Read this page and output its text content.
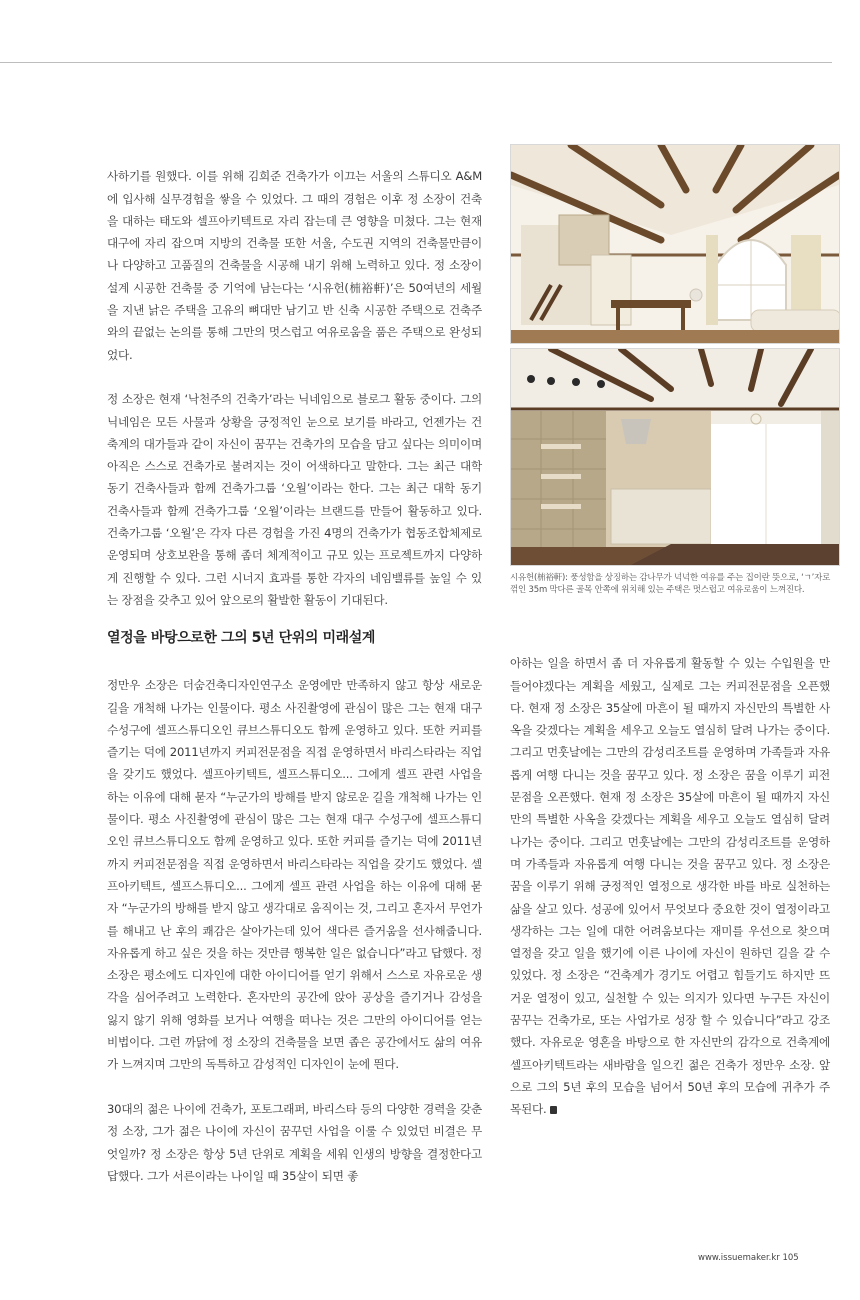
사하기를 원했다. 이를 위해 김희준 건축가가 이끄는 서울의 스튜디오 A&M에 입사해 실무경험을 쌓을 수 있었다. 그 때의 경험은 이후 정 소장이 건축을 대하는 태도와 셀프아키텍트로 자리 잡는데 큰 영향을 미쳤다. 그는 현재 대구에 자리 잡으며 지방의 건축물 또한 서울, 수도권 지역의 건축물만큼이나 다양하고 고품질의 건축물을 시공해 내기 위해 노력하고 있다. 정 소장이 설계 시공한 건축물 중 기억에 남는다는 ‘시유헌(枾裕軒)’은 50여년의 세월을 지낸 낡은 주택을 고유의 뼈대만 남기고 반 신축 시공한 주택으로 건축주와의 끝없는 논의를 통해 그만의 멋스럽고 여유로움을 품은 주택으로 완성되었다.

정 소장은 현재 ‘낙천주의 건축가’라는 닉네임으로 블로그 활동 중이다. 그의 닉네임은 모든 사물과 상황을 긍정적인 눈으로 보기를 바라고, 언젠가는 건축계의 대가들과 같이 자신이 꿈꾸는 건축가의 모습을 담고 싶다는 의미이며 아직은 스스로 건축가로 불려지는 것이 어색하다고 말한다. 그는 최근 대학 동기 건축사들과 함께 건축가그룹 ‘오월’이라는 한다. 그는 최근 대학 동기 건축사들과 함께 건축가그룹 ‘오월’이라는 브랜드를 만들어 활동하고 있다. 건축가그룹 ‘오월’은 각자 다른 경험을 가진 4명의 건축가가 협동조합체제로 운영되며 상호보완을 통해 좀더 체계적이고 규모 있는 프로젝트까지 다양하게 진행할 수 있다. 그런 시너지 효과를 통한 각자의 네임밸류를 높일 수 있는 장점을 갖추고 있어 앞으로의 활발한 활동이 기대된다.

열정을 바탕으로한 그의 5년 단위의 미래설계

정만우 소장은 더숨건축디자인연구소 운영에만 만족하지 않고 항상 새로운 길을 개척해 나가는 인물이다. 평소 사진촬영에 관심이 많은 그는 현재 대구 수성구에 셀프스튜디오인 큐브스튜디오도 함께 운영하고 있다. 또한 커피를 즐기는 덕에 2011년까지 커피전문점을 직접 운영하면서 바리스타라는 직업을 갖기도 했었다. 셀프아키텍트, 셀프스튜디오... 그에게 셀프 관련 사업을 하는 이유에 대해 묻자 “누군가의 방해를 받지 않로운 길을 개척해 나가는 인물이다. 평소 사진촬영에 관심이 많은 그는 현재 대구 수성구에 셀프스튜디오인 큐브스튜디오도 함께 운영하고 있다. 또한 커피를 즐기는 덕에 2011년까지 커피전문점을 직접 운영하면서 바리스타라는 직업을 갖기도 했었다. 셀프아키텍트, 셀프스튜디오... 그에게 셀프 관련 사업을 하는 이유에 대해 묻자 “누군가의 방해를 받지 않고 생각대로 움직이는 것, 그리고 혼자서 무언가를 해내고 난 후의 쾌감은 살아가는데 있어 색다른 즐거움을 선사해줍니다. 자유롭게 하고 싶은 것을 하는 것만큼 행복한 일은 없습니다”라고 답했다. 정 소장은 평소에도 디자인에 대한 아이디어를 얻기 위해서 스스로 자유로운 생각을 심어주려고 노력한다. 혼자만의 공간에 앉아 공상을 즐기거나 감성을 잃지 않기 위해 영화를 보거나 여행을 떠나는 것은 그만의 아이디어를 얻는 비법이다. 그런 까닭에 정 소장의 건축물을 보면 좁은 공간에서도 삶의 여유가 느껴지며 그만의 독특하고 감성적인 디자인이 눈에 띈다.

30대의 젊은 나이에 건축가, 포토그래퍼, 바리스타 등의 다양한 경력을 갖춘 정 소장, 그가 젊은 나이에 자신이 꿈꾸던 사업을 이룰 수 있었던 비결은 무엇일까? 정 소장은 항상 5년 단위로 계획을 세워 인생의 방향을 결정한다고 답했다. 그가 서른이라는 나이일 때 35살이 되면 좋

아하는 일을 하면서 좀 더 자유롭게 활동할 수 있는 수입원을 만들어야겠다는 계획을 세웠고, 실제로 그는 커피전문점을 오픈했다. 현재 정 소장은 35살에 마흔이 될 때까지 자신만의 특별한 사옥을 갖겠다는 계획을 세우고 오늘도 열심히 달려 나가는 중이다. 그리고 먼훗날에는 그만의 감성리조트를 운영하며 가족들과 자유롭게 여행 다니는 것을 꿈꾸고 있다. 정 소장은 꿈을 이루기 피전문점을 오픈했다. 현재 정 소장은 35살에 마흔이 될 때까지 자신만의 특별한 사옥을 갖겠다는 계획을 세우고 오늘도 열심히 달려 나가는 중이다. 그리고 먼훗날에는 그만의 감성리조트를 운영하며 가족들과 자유롭게 여행 다니는 것을 꿈꾸고 있다. 정 소장은 꿈을 이루기 위해 긍정적인 열정으로 생각한 바를 바로 실천하는 삶을 살고 있다. 성공에 있어서 무엇보다 중요한 것이 열정이라고 생각하는 그는 일에 대한 어려움보다는 재미를 우선으로 찾으며 열정을 갖고 일을 했기에 이른 나이에 자신이 원하던 길을 갈 수 있었다. 정 소장은 “건축계가 경기도 어렵고 힘들기도 하지만 뜨거운 열정이 있고, 실천할 수 있는 의지가 있다면 누구든 자신이 꿈꾸는 건축가로, 또는 사업가로 성장 할 수 있습니다”라고 강조했다. 자유로운 영혼을 바탕으로 한 자신만의 감각으로 건축계에 셀프아키텍트라는 새바람을 일으킨 젊은 건축가 정만우 소장. 앞으로 그의 5년 후의 모습을 넘어서 50년 후의 모습에 귀추가 주목된다.

시유헌(枾裕軒): 풍성함을 상징하는 감나무가 넉넉한 여유를 주는 집이란 뜻으로, ‘ㄱ’자로 꺾인 35m 막다른 골목 안쪽에 위치해 있는 주택은 멋스럽고 여유로움이 느껴진다.
www.issuemaker.kr 105
